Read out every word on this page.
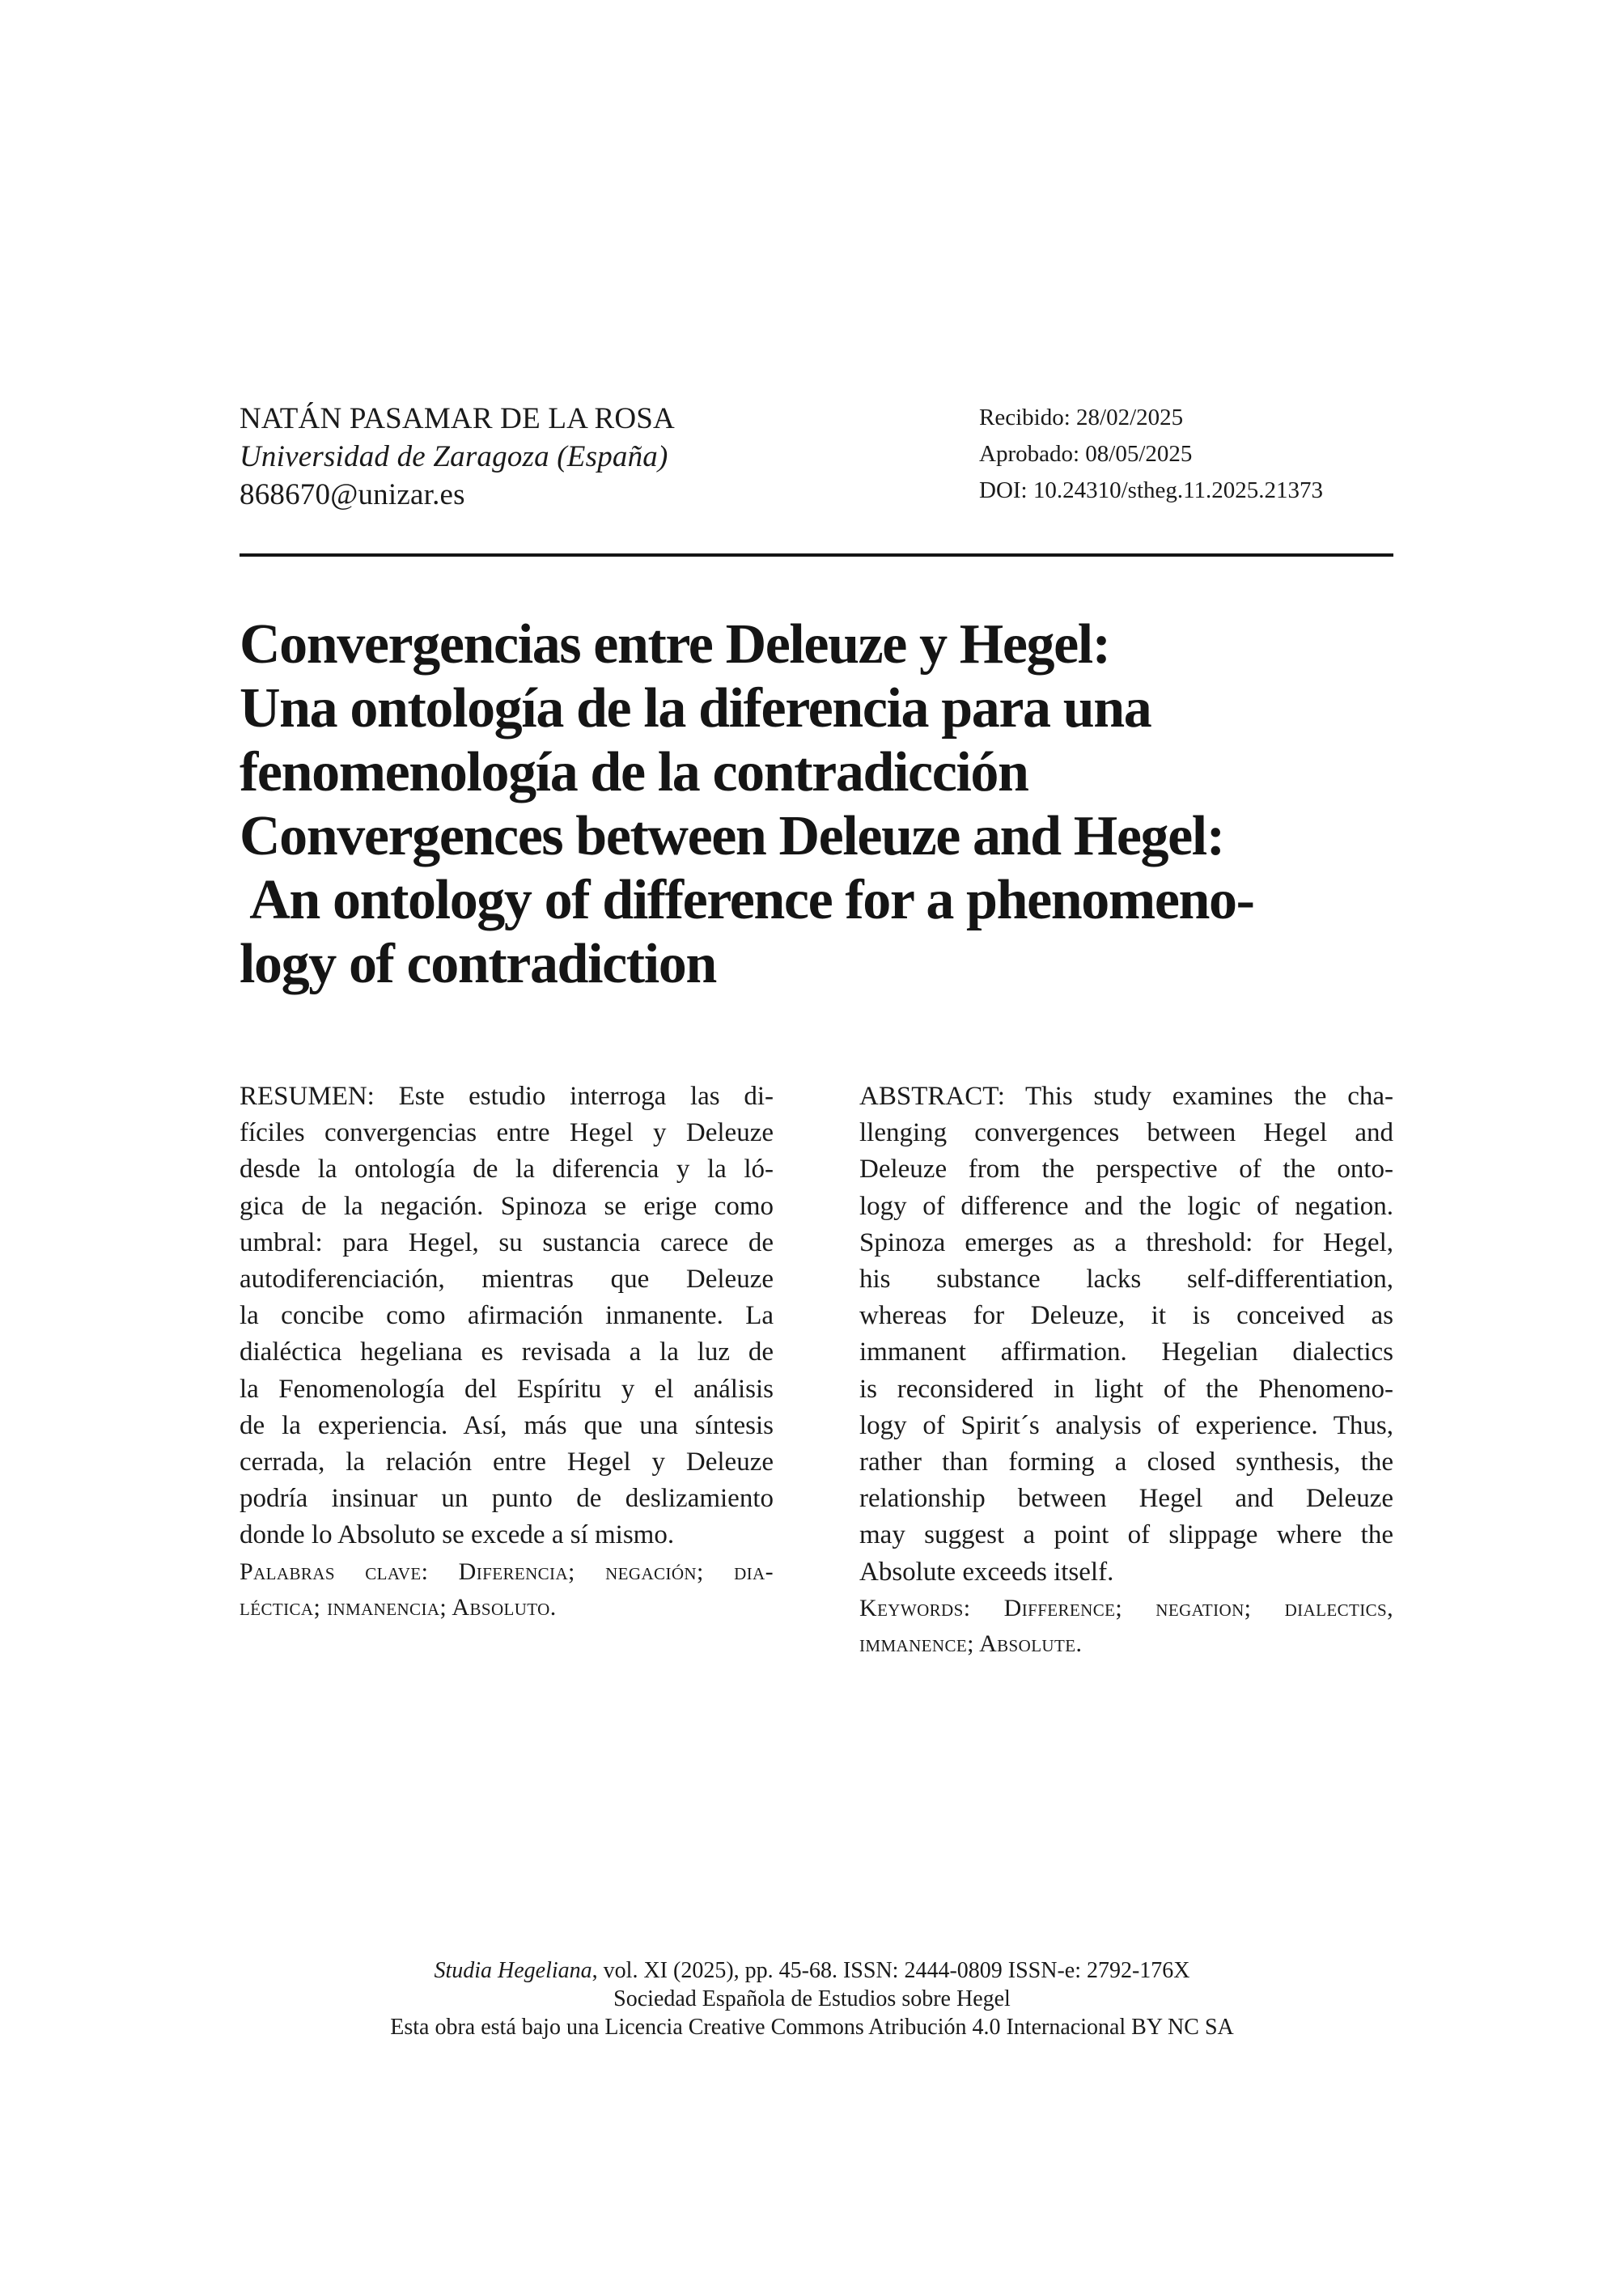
NATÁN PASAMAR DE LA ROSA
Universidad de Zaragoza (España)
868670@unizar.es
Recibido: 28/02/2025
Aprobado: 08/05/2025
DOI: 10.24310/stheg.11.2025.21373
Convergencias entre Deleuze y Hegel:
Una ontología de la diferencia para una
fenomenología de la contradicción
Convergences between Deleuze and Hegel:
An ontology of difference for a phenomeno-
logy of contradiction

RESUMEN: Este estudio interroga las di-
fíciles convergencias entre Hegel y Deleuze
desde la ontología de la diferencia y la ló-
gica de la negación. Spinoza se erige como
umbral: para Hegel, su sustancia carece de
autodiferenciación, mientras que Deleuze
la concibe como afirmación inmanente. La
dialéctica hegeliana es revisada a la luz de
la Fenomenología del Espíritu y el análisis
de la experiencia. Así, más que una síntesis
cerrada, la relación entre Hegel y Deleuze
podría insinuar un punto de deslizamiento
donde lo Absoluto se excede a sí mismo.

Palabras clave: Diferencia; negación; dia-
léctica; inmanencia; Absoluto.

ABSTRACT: This study examines the cha-
llenging convergences between Hegel and
Deleuze from the perspective of the onto-
logy of difference and the logic of negation.
Spinoza emerges as a threshold: for Hegel,
his substance lacks self-differentiation,
whereas for Deleuze, it is conceived as
immanent affirmation. Hegelian dialectics
is reconsidered in light of the Phenomeno-
logy of Spirit´s analysis of experience. Thus,
rather than forming a closed synthesis, the
relationship between Hegel and Deleuze
may suggest a point of slippage where the
Absolute exceeds itself.

Keywords: Difference; negation; dialectics,
immanence; Absolute.

Studia Hegeliana, vol. XI (2025), pp. 45-68. ISSN: 2444-0809 ISSN-e: 2792-176X
Sociedad Española de Estudios sobre Hegel
Esta obra está bajo una Licencia Creative Commons Atribución 4.0 Internacional BY NC SA
